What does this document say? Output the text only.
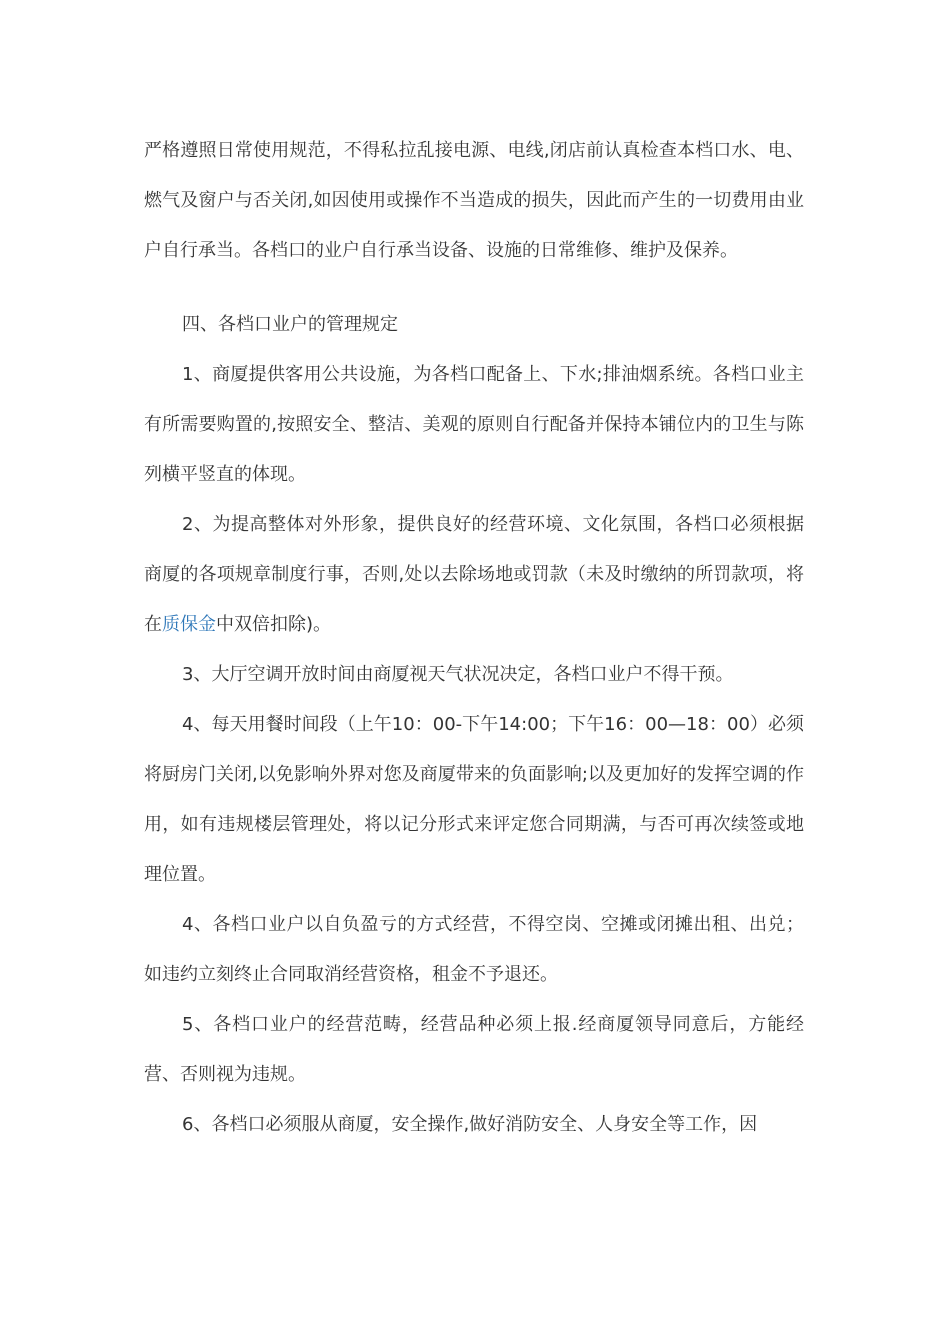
严格遵照日常使用规范，不得私拉乱接电源、电线,闭店前认真检查本档口水、电、燃气及窗户与否关闭,如因使用或操作不当造成的损失，因此而产生的一切费用由业户自行承当。各档口的业户自行承当设备、设施的日常维修、维护及保养。

四、各档口业户的管理规定

1、商厦提供客用公共设施，为各档口配备上、下水;排油烟系统。各档口业主有所需要购置的,按照安全、整洁、美观的原则自行配备并保持本铺位内的卫生与陈列横平竖直的体现。

2、为提高整体对外形象，提供良好的经营环境、文化氛围，各档口必须根据商厦的各项规章制度行事，否则,处以去除场地或罚款（未及时缴纳的所罚款项，将在质保金中双倍扣除)。

3、大厅空调开放时间由商厦视天气状况决定，各档口业户不得干预。

4、每天用餐时间段（上午10：00-下午14:00；下午16：00—18：00）必须将厨房门关闭,以免影响外界对您及商厦带来的负面影响;以及更加好的发挥空调的作用，如有违规楼层管理处，将以记分形式来评定您合同期满，与否可再次续签或地理位置。

4、各档口业户以自负盈亏的方式经营，不得空岗、空摊或闭摊出租、出兑；如违约立刻终止合同取消经营资格，租金不予退还。

5、各档口业户的经营范畴，经营品种必须上报.经商厦领导同意后，方能经营、否则视为违规。

6、各档口必须服从商厦，安全操作,做好消防安全、人身安全等工作，因
